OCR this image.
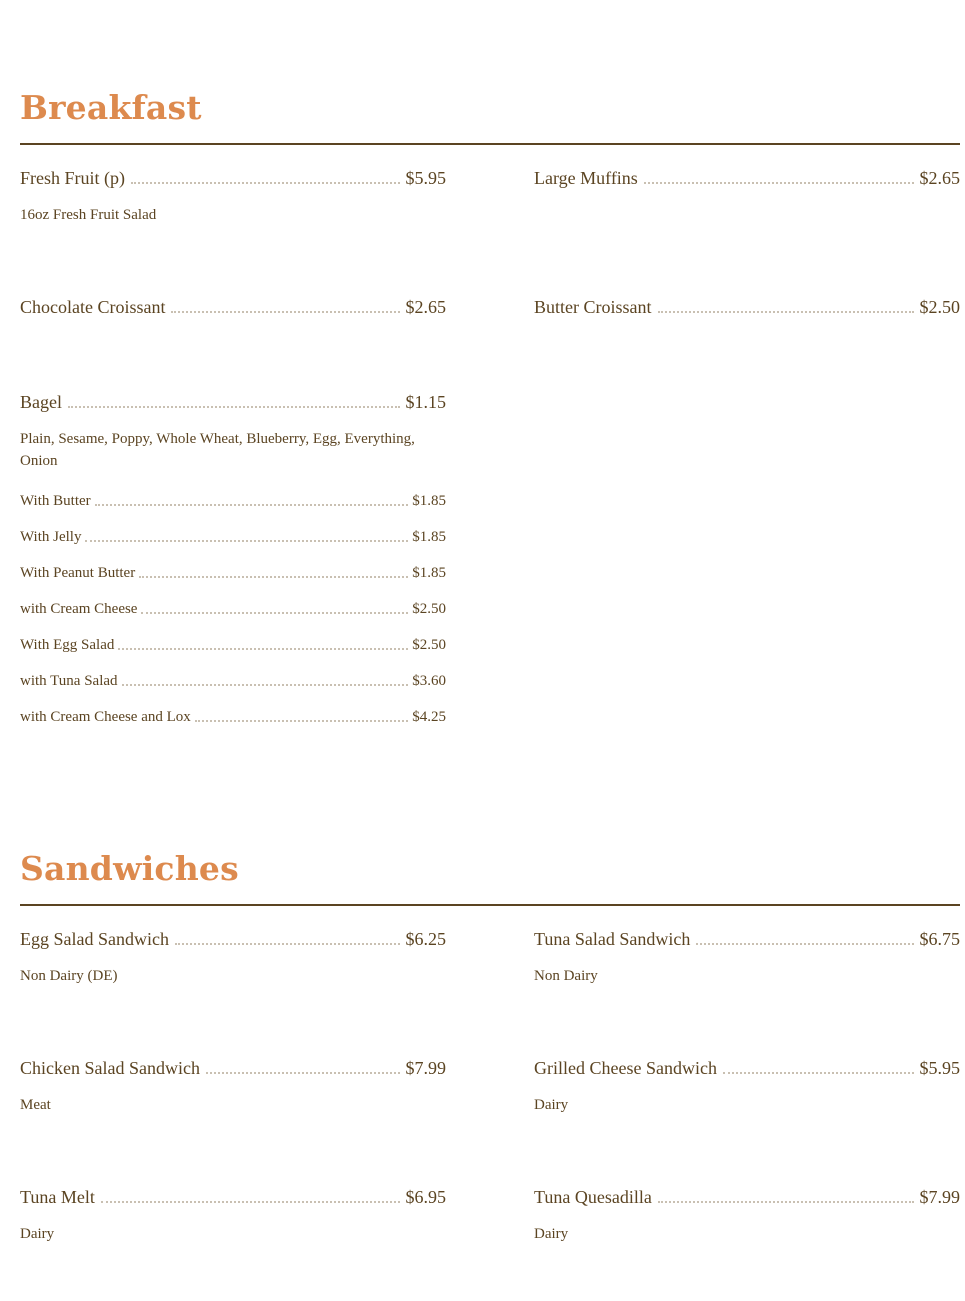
Breakfast
Fresh Fruit (p)	$5.95
16oz Fresh Fruit Salad
Large Muffins	$2.65
Chocolate Croissant	$2.65	Butter Croissant	$2.50
Bagel	$1.15
Plain, Sesame, Poppy, Whole Wheat, Blueberry, Egg, Everything, Onion
With Butter	$1.85
With Jelly	$1.85
With Peanut Butter	$1.85
with Cream Cheese	$2.50
With Egg Salad	$2.50
with Tuna Salad	$3.60
with Cream Cheese and Lox	$4.25
Sandwiches
Egg Salad Sandwich	$6.25
Non Dairy (DE)
Tuna Salad Sandwich	$6.75
Non Dairy
Chicken Salad Sandwich	$7.99
Meat
Grilled Cheese Sandwich	$5.95
Dairy
Tuna Melt	$6.95
Dairy
Tuna Quesadilla	$7.99
Dairy
